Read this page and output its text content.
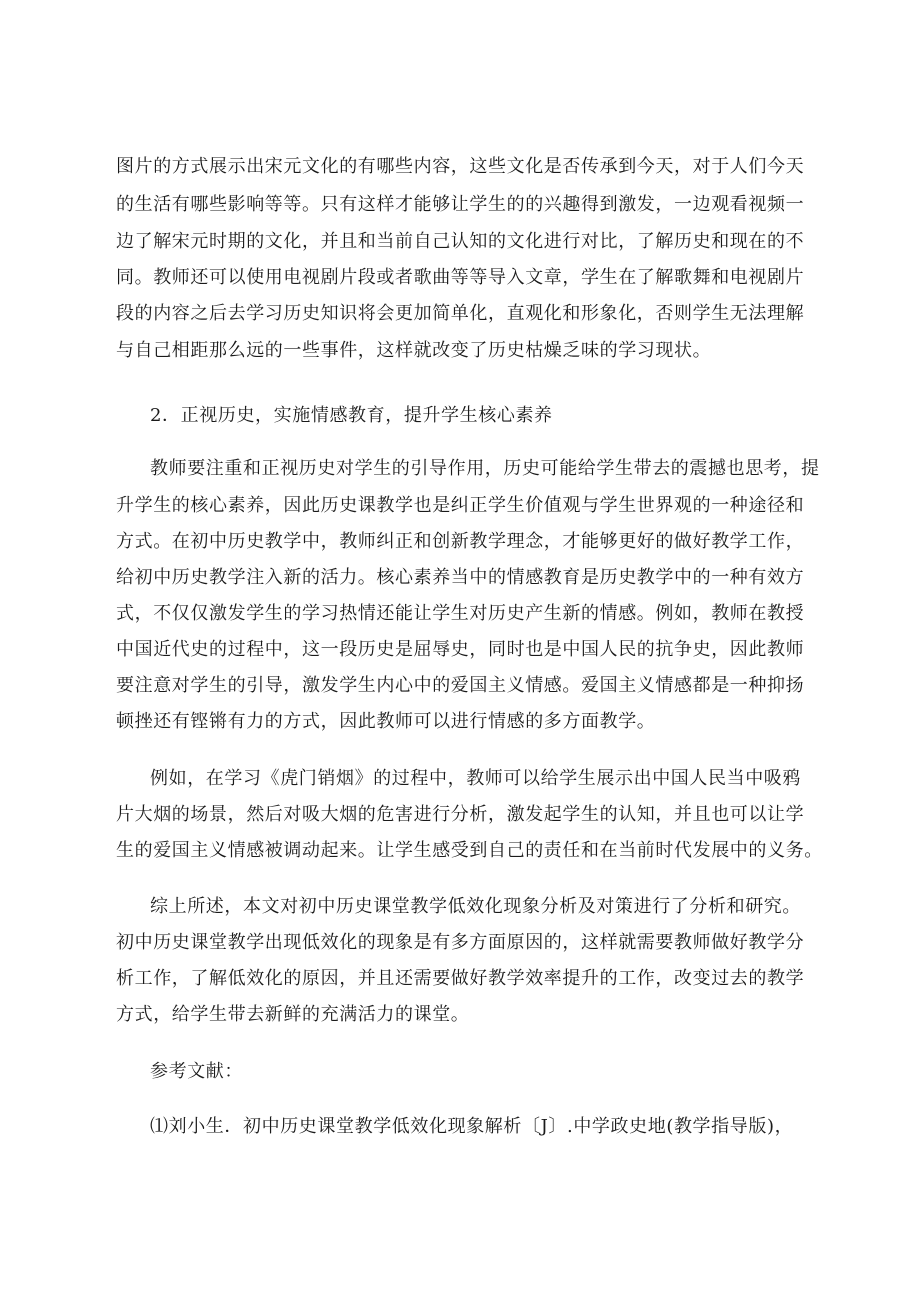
图片的方式展示出宋元文化的有哪些内容，这些文化是否传承到今天，对于人们今天
的生活有哪些影响等等。只有这样才能够让学生的的兴趣得到激发，一边观看视频一
边了解宋元时期的文化，并且和当前自己认知的文化进行对比，了解历史和现在的不
同。教师还可以使用电视剧片段或者歌曲等等导入文章，学生在了解歌舞和电视剧片
段的内容之后去学习历史知识将会更加简单化，直观化和形象化，否则学生无法理解
与自己相距那么远的一些事件，这样就改变了历史枯燥乏味的学习现状。
2．正视历史，实施情感教育，提升学生核心素养
教师要注重和正视历史对学生的引导作用，历史可能给学生带去的震撼也思考，提
升学生的核心素养，因此历史课教学也是纠正学生价值观与学生世界观的一种途径和
方式。在初中历史教学中，教师纠正和创新教学理念，才能够更好的做好教学工作，
给初中历史教学注入新的活力。核心素养当中的情感教育是历史教学中的一种有效方
式，不仅仅激发学生的学习热情还能让学生对历史产生新的情感。例如，教师在教授
中国近代史的过程中，这一段历史是屈辱史，同时也是中国人民的抗争史，因此教师
要注意对学生的引导，激发学生内心中的爱国主义情感。爱国主义情感都是一种抑扬
顿挫还有铿锵有力的方式，因此教师可以进行情感的多方面教学。
例如，在学习《虎门销烟》的过程中，教师可以给学生展示出中国人民当中吸鸦
片大烟的场景，然后对吸大烟的危害进行分析，激发起学生的认知，并且也可以让学
生的爱国主义情感被调动起来。让学生感受到自己的责任和在当前时代发展中的义务。
综上所述，本文对初中历史课堂教学低效化现象分析及对策进行了分析和研究。
初中历史课堂教学出现低效化的现象是有多方面原因的，这样就需要教师做好教学分
析工作，了解低效化的原因，并且还需要做好教学效率提升的工作，改变过去的教学
方式，给学生带去新鲜的充满活力的课堂。
参考文献：
⑴刘小生．初中历史课堂教学低效化现象解析〔J〕.中学政史地(教学指导版)，
